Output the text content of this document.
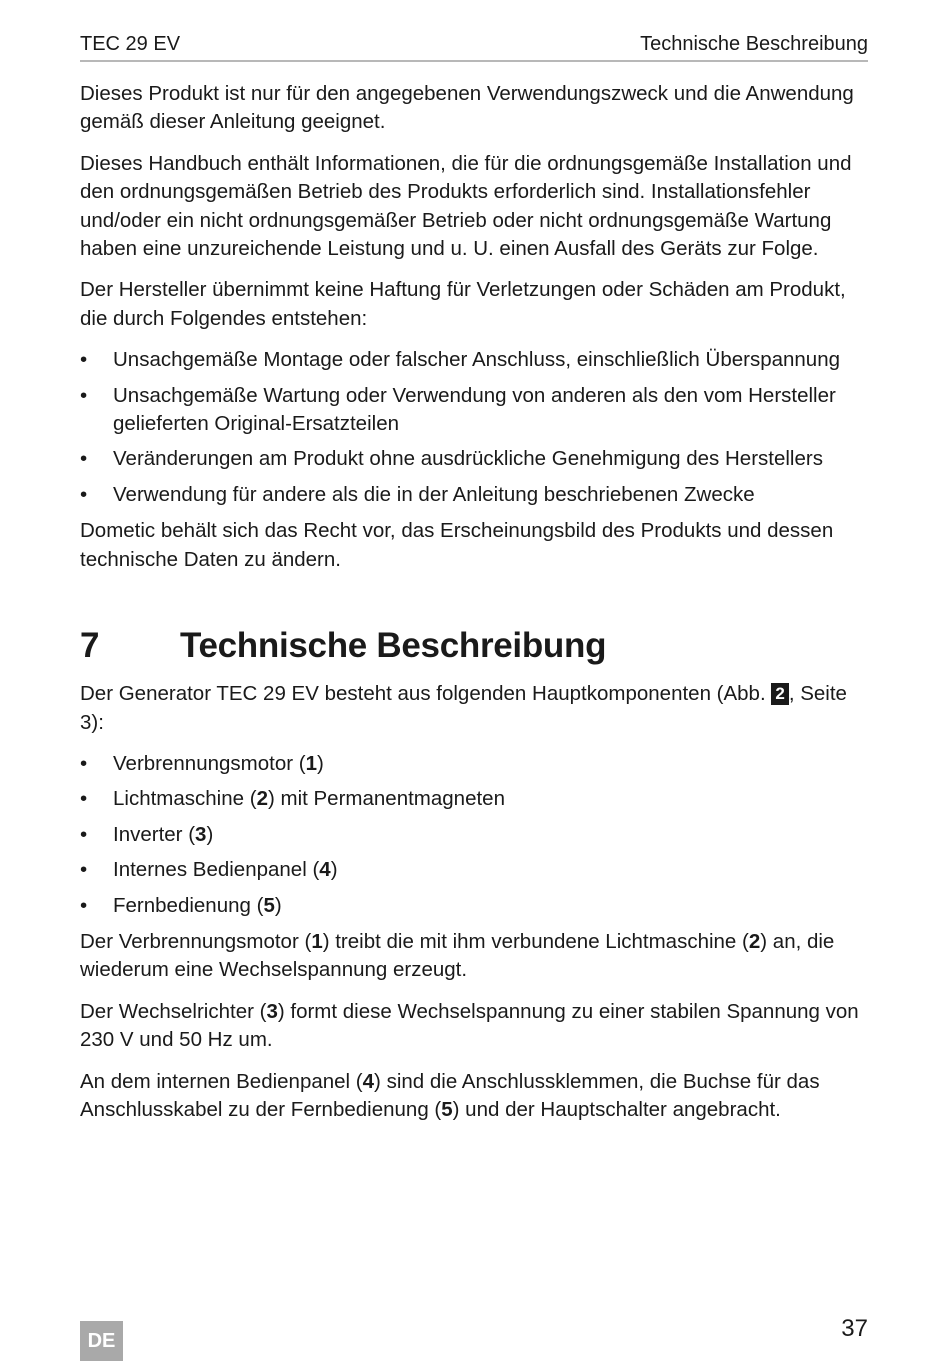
TEC 29 EV	Technische Beschreibung

Dieses Produkt ist nur für den angegebenen Verwendungszweck und die Anwendung gemäß dieser Anleitung geeignet.

Dieses Handbuch enthält Informationen, die für die ordnungsgemäße Installation und den ordnungsgemäßen Betrieb des Produkts erforderlich sind. Installationsfehler und/oder ein nicht ordnungsgemäßer Betrieb oder nicht ordnungsgemäße Wartung haben eine unzureichende Leistung und u. U. einen Ausfall des Geräts zur Folge.

Der Hersteller übernimmt keine Haftung für Verletzungen oder Schäden am Produkt, die durch Folgendes entstehen:

• Unsachgemäße Montage oder falscher Anschluss, einschließlich Überspannung
• Unsachgemäße Wartung oder Verwendung von anderen als den vom Hersteller gelieferten Original-Ersatzteilen
• Veränderungen am Produkt ohne ausdrückliche Genehmigung des Herstellers
• Verwendung für andere als die in der Anleitung beschriebenen Zwecke

Dometic behält sich das Recht vor, das Erscheinungsbild des Produkts und dessen technische Daten zu ändern.

7 Technische Beschreibung

Der Generator TEC 29 EV besteht aus folgenden Hauptkomponenten (Abb. 2 , Seite 3):

• Verbrennungsmotor (1)
• Lichtmaschine (2) mit Permanentmagneten
• Inverter (3)
• Internes Bedienpanel (4)
• Fernbedienung (5)

Der Verbrennungsmotor (1) treibt die mit ihm verbundene Lichtmaschine (2) an, die wiederum eine Wechselspannung erzeugt.

Der Wechselrichter (3) formt diese Wechselspannung zu einer stabilen Spannung von 230 V und 50 Hz um.

An dem internen Bedienpanel (4) sind die Anschlussklemmen, die Buchse für das Anschlusskabel zu der Fernbedienung (5) und der Hauptschalter angebracht.

DE	37
